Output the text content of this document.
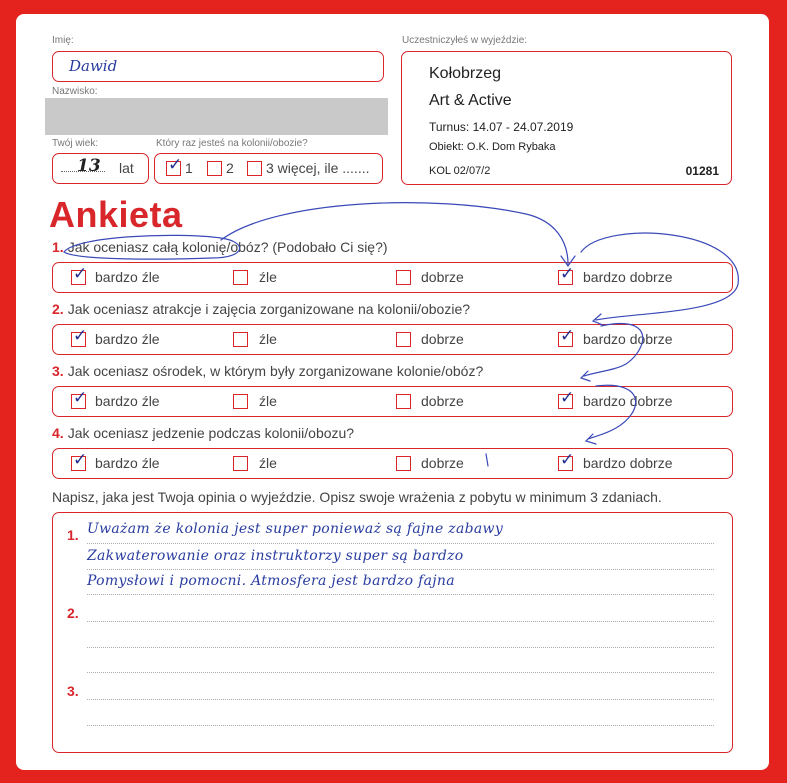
Imię:
Dawid
Nazwisko:
Twój wiek:
13 lat
Który raz jesteś na kolonii/obozie?
✓ 1 2 3 więcej, ile .......
Uczestniczyłeś w wyjeździe:
Kołobrzeg
Art & Active
Turnus: 14.07 - 24.07.2019
Obiekt: O.K. Dom Rybaka
KOL 02/07/2	01281
Ankieta
1. Jak oceniasz całą kolonię/obóz? (Podobało Ci się?)
✓ bardzo źle	źle	dobrze	✓ bardzo dobrze
2. Jak oceniasz atrakcje i zajęcia zorganizowane na kolonii/obozie?
✓ bardzo źle	źle	dobrze	✓ bardzo dobrze
3. Jak oceniasz ośrodek, w którym były zorganizowane kolonie/obóz?
✓ bardzo źle	źle	dobrze	✓ bardzo dobrze
4. Jak oceniasz jedzenie podczas kolonii/obozu?
✓ bardzo źle	źle	dobrze	✓ bardzo dobrze
Napisz, jaka jest Twoja opinia o wyjeździe. Opisz swoje wrażenia z pobytu w minimum 3 zdaniach.
1.
2.
3.
Uważam że kolonia jest super ponieważ są fajne zabawy
Zakwaterowanie oraz instruktorzy super są bardzo
Pomysłowi i pomocni. Atmosfera jest bardzo fajna
